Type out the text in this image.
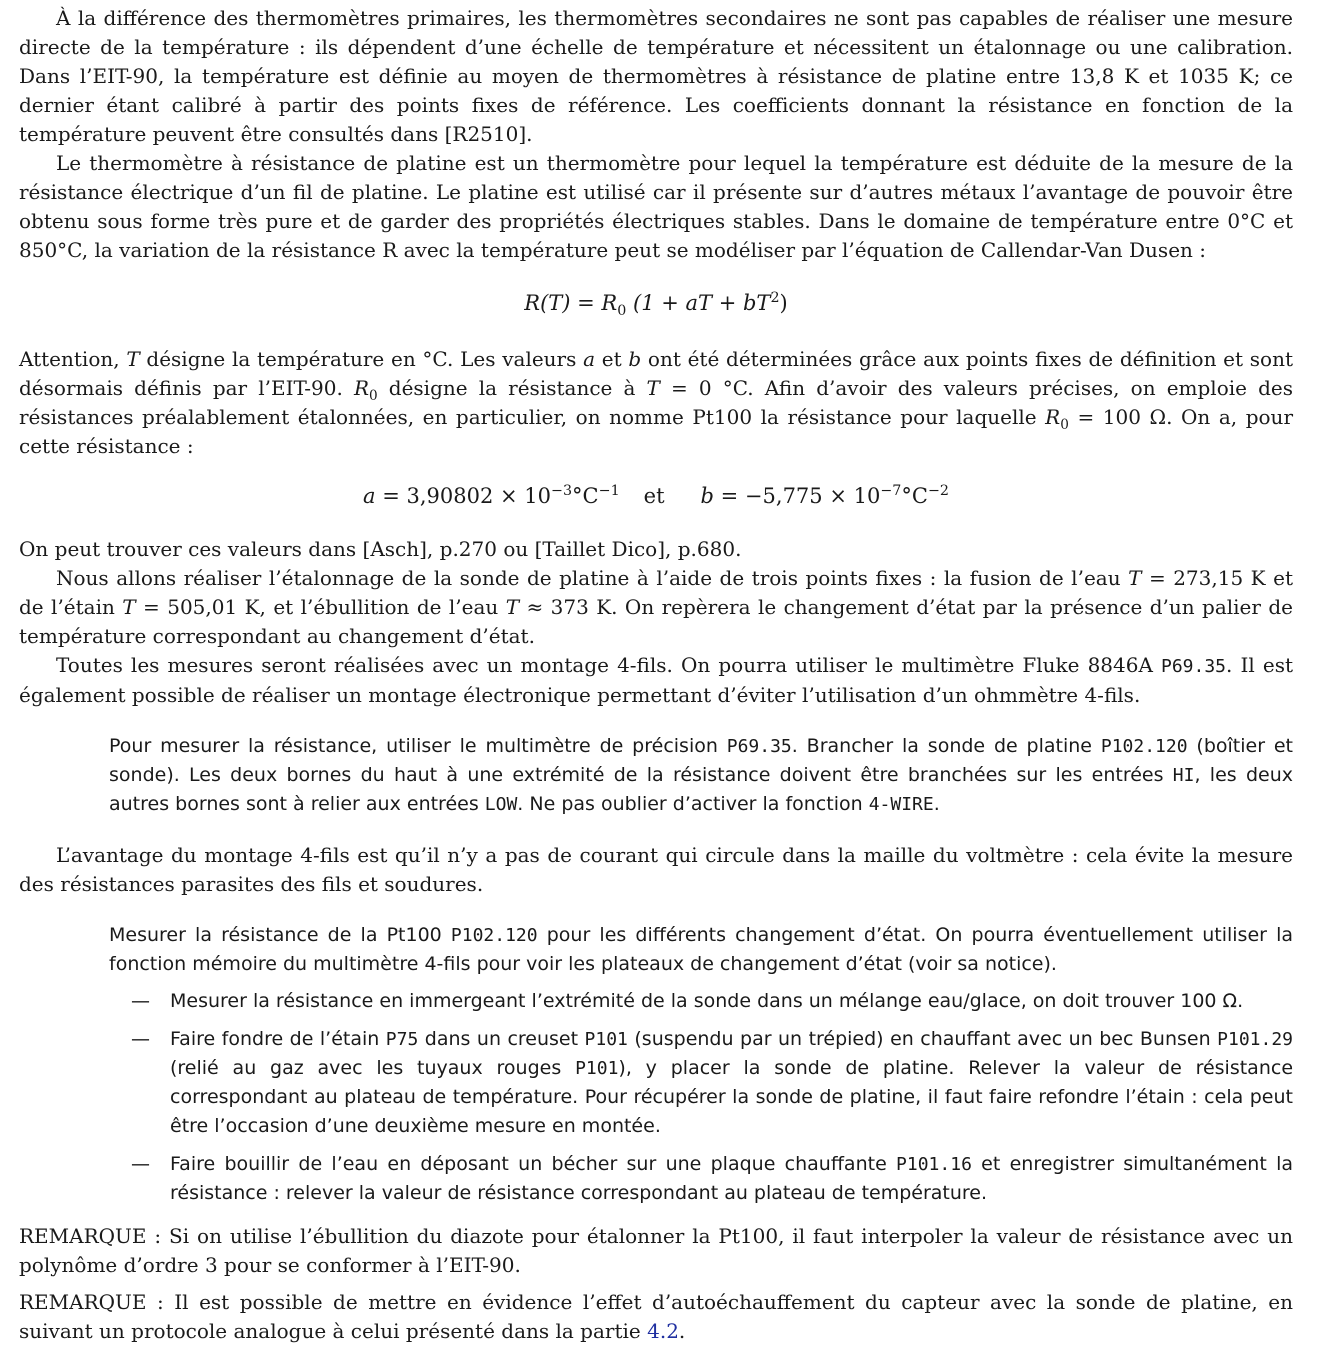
À la différence des thermomètres primaires, les thermomètres secondaires ne sont pas capables de réaliser une mesure directe de la température : ils dépendent d’une échelle de température et nécessitent un étalonnage ou une calibration. Dans l’EIT-90, la température est définie au moyen de thermomètres à résistance de platine entre 13,8 K et 1035 K; ce dernier étant calibré à partir des points fixes de référence. Les coefficients donnant la résistance en fonction de la température peuvent être consultés dans [R2510].

Le thermomètre à résistance de platine est un thermomètre pour lequel la température est déduite de la mesure de la résistance électrique d’un fil de platine. Le platine est utilisé car il présente sur d’autres métaux l’avantage de pouvoir être obtenu sous forme très pure et de garder des propriétés électriques stables. Dans le domaine de température entre 0°C et 850°C, la variation de la résistance R avec la température peut se modéliser par l’équation de Callendar-Van Dusen :

$R(T) = R_0$ (1 + aT + $bT^2$)

Attention, T désigne la température en °C. Les valeurs a et b ont été déterminées grâce aux points fixes de définition et sont désormais définis par l’EIT-90. $R_0$ désigne la résistance à T = 0 °C. Afin d’avoir des valeurs précises, on emploie des résistances préalablement étalonnées, en particulier, on nomme Pt100 la résistance pour laquelle $R_0 = 100$ Ω. On a, pour cette résistance :

$a = 3,90802 \times 10^{-3}^\circ C^{-1}$ et $b = -5,775 \times 10^{-7}^\circ C^{-2}$

On peut trouver ces valeurs dans [Asch], p.270 ou [Taillet Dico], p.680.

Nous allons réaliser l’étalonnage de la sonde de platine à l’aide de trois points fixes : la fusion de l’eau T = 273,15 K et de l’étain T = 505,01 K, et l’ébullition de l’eau T ≈ 373 K. On repèrera le changement d’état par la présence d’un palier de température correspondant au changement d’état.

Toutes les mesures seront réalisées avec un montage 4-fils. On pourra utiliser le multimètre Fluke 8846A P69.35. Il est également possible de réaliser un montage électronique permettant d’éviter l’utilisation d’un ohmmètre 4-fils.

Pour mesurer la résistance, utiliser le multimètre de précision P69.35. Brancher la sonde de platine P102.120 (boîtier et sonde). Les deux bornes du haut à une extrémité de la résistance doivent être branchées sur les entrées HI, les deux autres bornes sont à relier aux entrées LOW. Ne pas oublier d’activer la fonction 4-WIRE.

L’avantage du montage 4-fils est qu’il n’y a pas de courant qui circule dans la maille du voltmètre : cela évite la mesure des résistances parasites des fils et soudures.

Mesurer la résistance de la Pt100 P102.120 pour les différents changement d’état. On pourra éventuellement utiliser la fonction mémoire du multimètre 4-fils pour voir les plateaux de changement d’état (voir sa notice).

— Mesurer la résistance en immergeant l’extrémité de la sonde dans un mélange eau/glace, on doit trouver 100 Ω.
— Faire fondre de l’étain P75 dans un creuset P101 (suspendu par un trépied) en chauffant avec un bec Bunsen P101.29 (relié au gaz avec les tuyaux rouges P101), y placer la sonde de platine. Relever la valeur de résistance correspondant au plateau de température. Pour récupérer la sonde de platine, il faut faire refondre l’étain : cela peut être l’occasion d’une deuxième mesure en montée.
— Faire bouillir de l’eau en déposant un bécher sur une plaque chauffante P101.16 et enregistrer simultanément la résistance : relever la valeur de résistance correspondant au plateau de température.

REMARQUE : Si on utilise l’ébullition du diazote pour étalonner la Pt100, il faut interpoler la valeur de résistance avec un polynôme d’ordre 3 pour se conformer à l’EIT-90.

REMARQUE : Il est possible de mettre en évidence l’effet d’autoéchauffement du capteur avec la sonde de platine, en suivant un protocole analogue à celui présenté dans la partie 4.2.
